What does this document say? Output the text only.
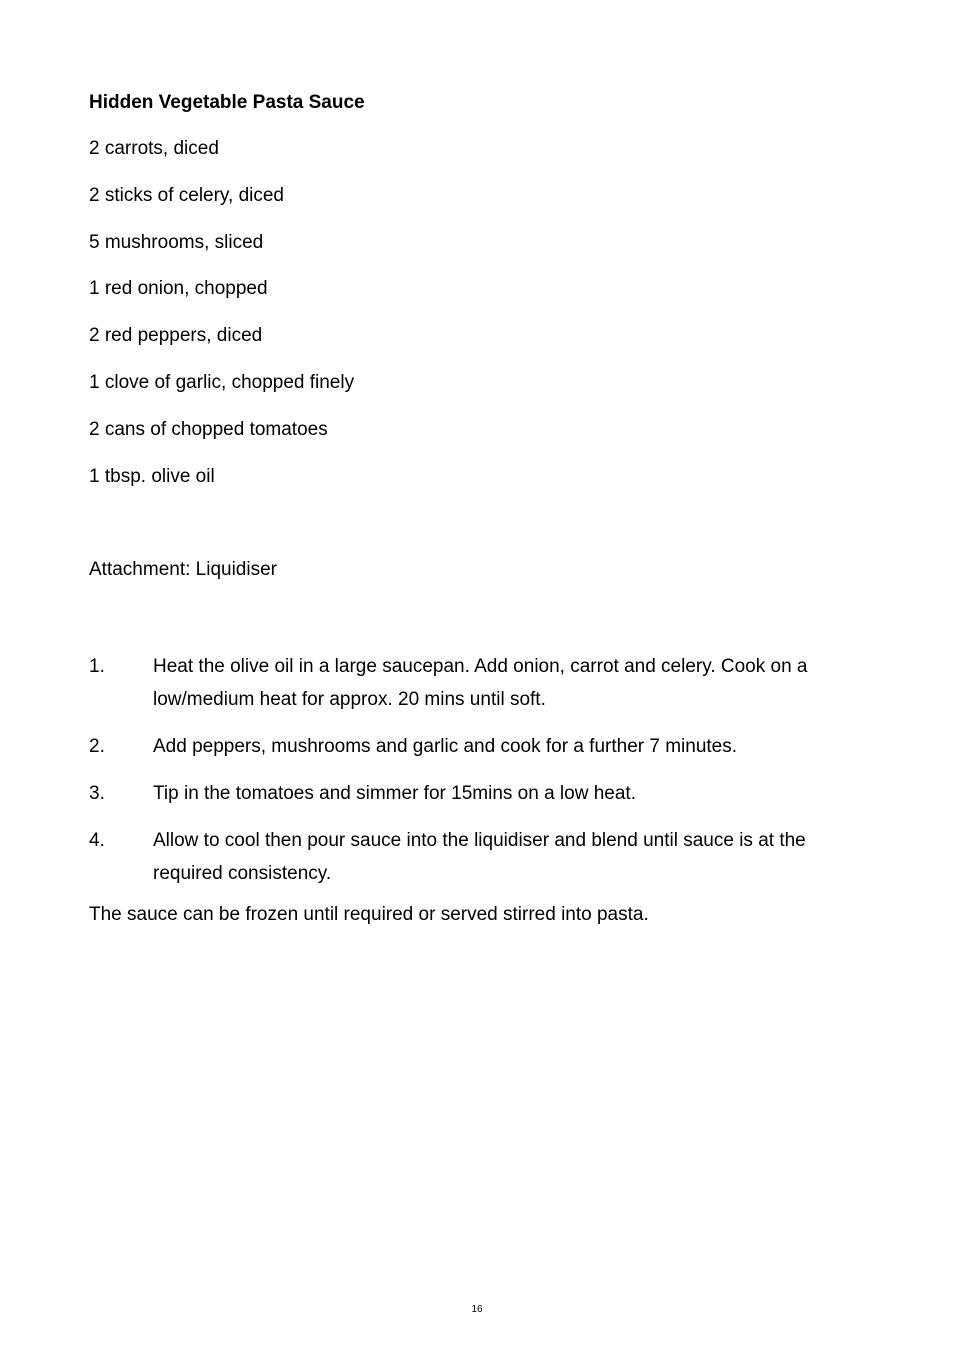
Hidden Vegetable Pasta Sauce
2 carrots, diced
2 sticks of celery, diced
5 mushrooms, sliced
1 red onion, chopped
2 red peppers, diced
1 clove of garlic, chopped finely
2 cans of chopped tomatoes
1 tbsp. olive oil
Attachment: Liquidiser
1.	Heat the olive oil in a large saucepan. Add onion, carrot and celery. Cook on a low/medium heat for approx. 20 mins until soft.
2.	Add peppers, mushrooms and garlic and cook for a further 7 minutes.
3.	Tip in the tomatoes and simmer for 15mins on a low heat.
4.	Allow to cool then pour sauce into the liquidiser and blend until sauce is at the required consistency.
The sauce can be frozen until required or served stirred into pasta.
16
